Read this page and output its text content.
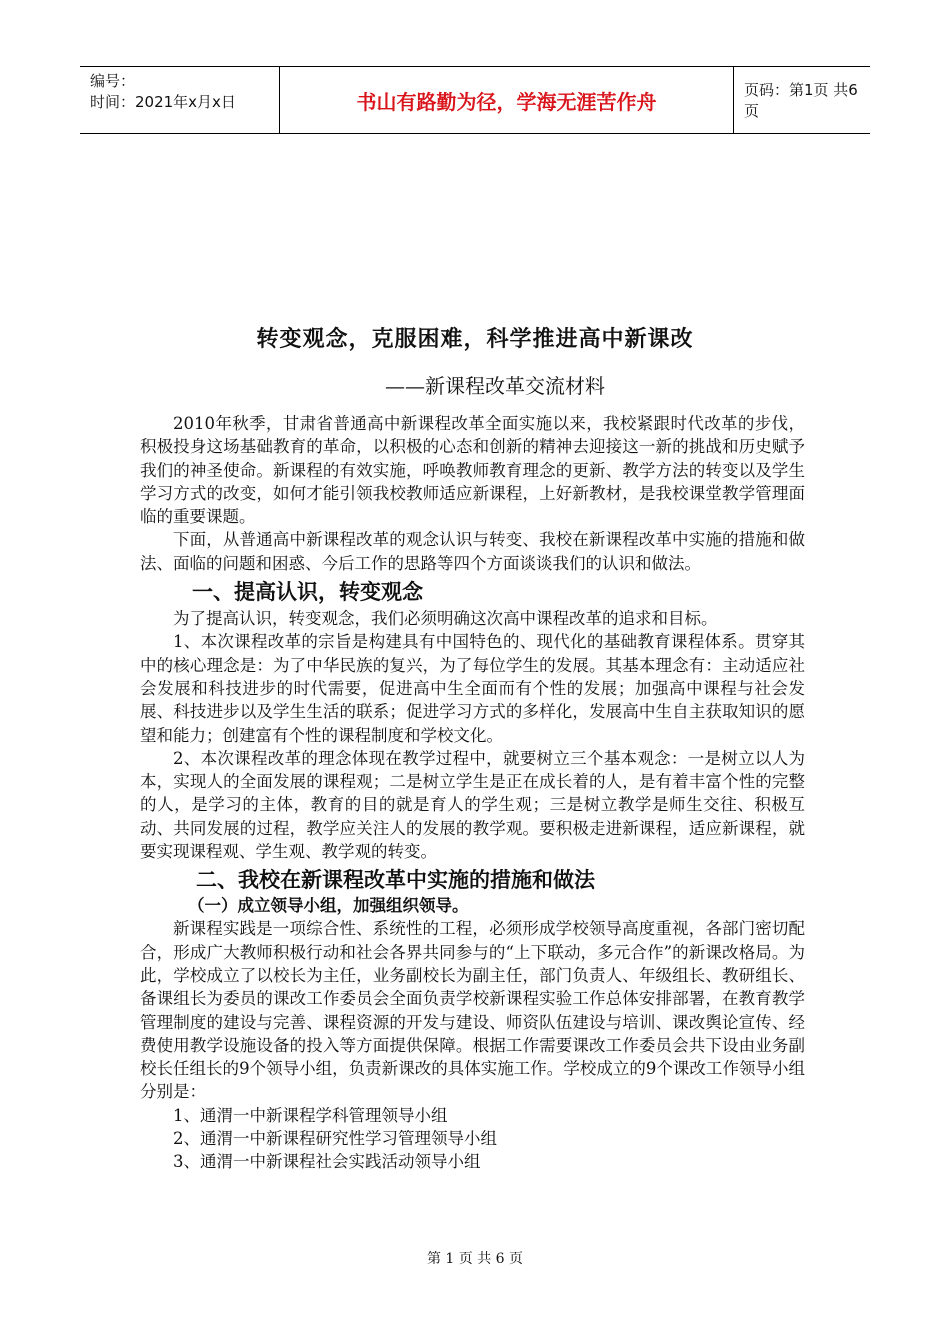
编号：
时间：2021年x月x日	书山有路勤为径，学海无涯苦作舟	页码：第1页 共6页
转变观念，克服困难，科学推进高中新课改
——新课程改革交流材料

2010年秋季，甘肃省普通高中新课程改革全面实施以来，我校紧跟时代改革的步伐，积极投身这场基础教育的革命，以积极的心态和创新的精神去迎接这一新的挑战和历史赋予我们的神圣使命。新课程的有效实施，呼唤教师教育理念的更新、教学方法的转变以及学生学习方式的改变，如何才能引领我校教师适应新课程，上好新教材，是我校课堂教学管理面临的重要课题。

下面，从普通高中新课程改革的观念认识与转变、我校在新课程改革中实施的措施和做法、面临的问题和困惑、今后工作的思路等四个方面谈谈我们的认识和做法。

一、提高认识，转变观念

为了提高认识，转变观念，我们必须明确这次高中课程改革的追求和目标。

1、本次课程改革的宗旨是构建具有中国特色的、现代化的基础教育课程体系。贯穿其中的核心理念是：为了中华民族的复兴，为了每位学生的发展。其基本理念有：主动适应社会发展和科技进步的时代需要，促进高中生全面而有个性的发展；加强高中课程与社会发展、科技进步以及学生生活的联系；促进学习方式的多样化，发展高中生自主获取知识的愿望和能力；创建富有个性的课程制度和学校文化。

2、本次课程改革的理念体现在教学过程中，就要树立三个基本观念：一是树立以人为本，实现人的全面发展的课程观；二是树立学生是正在成长着的人，是有着丰富个性的完整的人，是学习的主体，教育的目的就是育人的学生观；三是树立教学是师生交往、积极互动、共同发展的过程，教学应关注人的发展的教学观。要积极走进新课程，适应新课程，就要实现课程观、学生观、教学观的转变。

二、我校在新课程改革中实施的措施和做法
（一）成立领导小组，加强组织领导。

新课程实践是一项综合性、系统性的工程，必须形成学校领导高度重视，各部门密切配合，形成广大教师积极行动和社会各界共同参与的“上下联动，多元合作”的新课改格局。为此，学校成立了以校长为主任，业务副校长为副主任，部门负责人、年级组长、教研组长、备课组长为委员的课改工作委员会全面负责学校新课程实验工作总体安排部署，在教育教学管理制度的建设与完善、课程资源的开发与建设、师资队伍建设与培训、课改舆论宣传、经费使用教学设施设备的投入等方面提供保障。根据工作需要课改工作委员会共下设由业务副校长任组长的9个领导小组，负责新课改的具体实施工作。学校成立的9个课改工作领导小组分别是：

1、通渭一中新课程学科管理领导小组

2、通渭一中新课程研究性学习管理领导小组

3、通渭一中新课程社会实践活动领导小组

第 1 页 共 6 页
